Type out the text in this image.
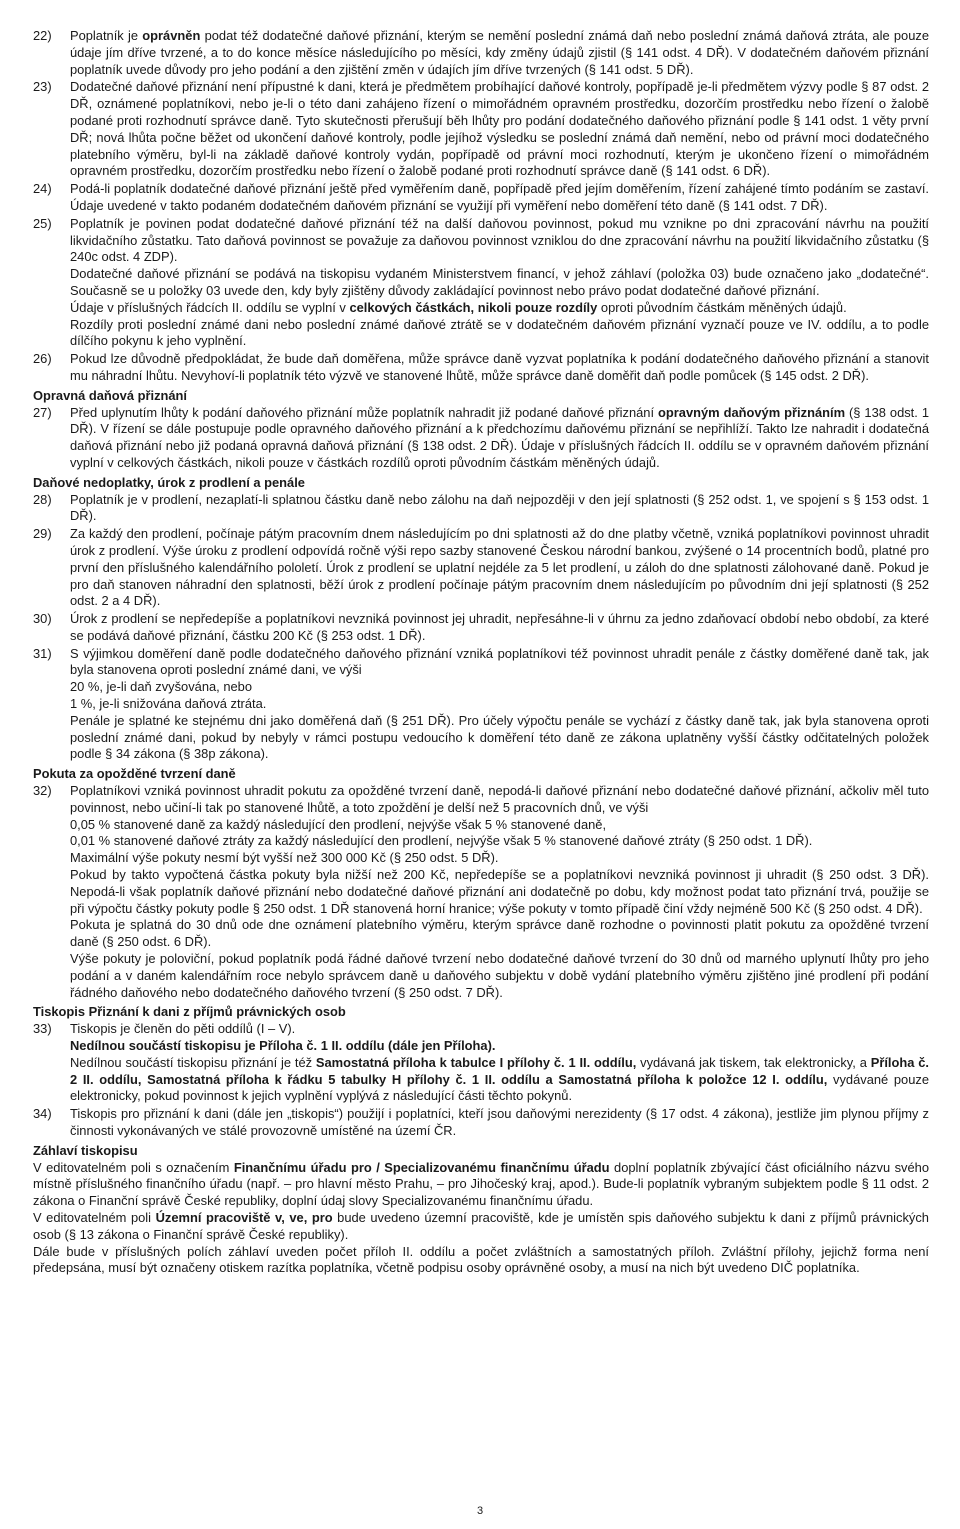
22)	Poplatník je oprávněn podat též dodatečné daňové přiznání, kterým se nemění poslední známá daň nebo poslední známá daňová ztráta, ale pouze údaje jím dříve tvrzené, a to do konce měsíce následujícího po měsíci, kdy změny údajů zjistil (§ 141 odst. 4 DŘ). V dodatečném daňovém přiznání poplatník uvede důvody pro jeho podání a den zjištění změn v údajích jím dříve tvrzených (§ 141 odst. 5 DŘ).
23)	Dodatečné daňové přiznání není přípustné k dani, která je předmětem probíhající daňové kontroly, popřípadě je-li předmětem výzvy podle § 87 odst. 2 DŘ, oznámené poplatníkovi, nebo je-li o této dani zahájeno řízení o mimořádném opravném prostředku, dozorčím prostředku nebo řízení o žalobě podané proti rozhodnutí správce daně. Tyto skutečnosti přerušují běh lhůty pro podání dodatečného daňového přiznání podle § 141 odst. 1 věty první DŘ; nová lhůta počne běžet od ukončení daňové kontroly, podle jejíhož výsledku se poslední známá daň nemění, nebo od právní moci dodatečného platebního výměru, byl-li na základě daňové kontroly vydán, popřípadě od právní moci rozhodnutí, kterým je ukončeno řízení o mimořádném opravném prostředku, dozorčím prostředku nebo řízení o žalobě podané proti rozhodnutí správce daně (§ 141 odst. 6 DŘ).
24)	Podá-li poplatník dodatečné daňové přiznání ještě před vyměřením daně, popřípadě před jejím doměřením, řízení zahájené tímto podáním se zastaví. Údaje uvedené v takto podaném dodatečném daňovém přiznání se využijí při vyměření nebo doměření této daně (§ 141 odst. 7 DŘ).
25)	Poplatník je povinen podat dodatečné daňové přiznání též na další daňovou povinnost, pokud mu vznikne po dni zpracování návrhu na použití likvidačního zůstatku. Tato daňová povinnost se považuje za daňovou povinnost vzniklou do dne zpracování návrhu na použití likvidačního zůstatku (§ 240c odst. 4 ZDP).

Dodatečné daňové přiznání se podává na tiskopisu vydaném Ministerstvem financí, v jehož záhlaví (položka 03) bude označeno jako „dodatečné“. Současně se u položky 03 uvede den, kdy byly zjištěny důvody zakládající povinnost nebo právo podat dodatečné daňové přiznání.

Údaje v příslušných řádcích II. oddílu se vyplní v celkových částkách, nikoli pouze rozdíly oproti původním částkám měněných údajů.

Rozdíly proti poslední známé dani nebo poslední známé daňové ztrátě se v dodatečném daňovém přiznání vyznačí pouze ve IV. oddílu, a to podle dílčího pokynu k jeho vyplnění.

26)	Pokud lze důvodně předpokládat, že bude daň doměřena, může správce daně vyzvat poplatníka k podání dodatečného daňového přiznání a stanovit mu náhradní lhůtu. Nevyhoví-li poplatník této výzvě ve stanovené lhůtě, může správce daně doměřit daň podle pomůcek (§ 145 odst. 2 DŘ).
Opravná daňová přiznání
27)	Před uplynutím lhůty k podání daňového přiznání může poplatník nahradit již podané daňové přiznání opravným daňovým přiznáním (§ 138 odst. 1 DŘ). V řízení se dále postupuje podle opravného daňového přiznání a k předchozímu daňovému přiznání se nepřihlíží. Takto lze nahradit i dodatečná daňová přiznání nebo již podaná opravná daňová přiznání (§ 138 odst. 2 DŘ). Údaje v příslušných řádcích II. oddílu se v opravném daňovém přiznání vyplní v celkových částkách, nikoli pouze v částkách rozdílů oproti původním částkám měněných údajů.
Daňové nedoplatky, úrok z prodlení a penále
28)	Poplatník je v prodlení, nezaplatí-li splatnou částku daně nebo zálohu na daň nejpozději v den její splatnosti (§ 252 odst. 1, ve spojení s § 153 odst. 1 DŘ).
29)	Za každý den prodlení, počínaje pátým pracovním dnem následujícím po dni splatnosti až do dne platby včetně, vzniká poplatníkovi povinnost uhradit úrok z prodlení. Výše úroku z prodlení odpovídá ročně výši repo sazby stanovené Českou národní bankou, zvýšené o 14 procentních bodů, platné pro první den příslušného kalendářního pololetí. Úrok z prodlení se uplatní nejdéle za 5 let prodlení, u záloh do dne splatnosti zálohované daně. Pokud je pro daň stanoven náhradní den splatnosti, běží úrok z prodlení počínaje pátým pracovním dnem následujícím po původním dni její splatnosti (§ 252 odst. 2 a 4 DŘ).
30)	Úrok z prodlení se nepředepíše a poplatníkovi nevzniká povinnost jej uhradit, nepřesáhne-li v úhrnu za jedno zdaňovací období nebo období, za které se podává daňové přiznání, částku 200 Kč (§ 253 odst. 1 DŘ).
31)	S výjimkou doměření daně podle dodatečného daňového přiznání vzniká poplatníkovi též povinnost uhradit penále z částky doměřené daně tak, jak byla stanovena oproti poslední známé dani, ve výši

20 %, je-li daň zvyšována, nebo

1 %, je-li snižována daňová ztráta.

Penále je splatné ke stejnému dni jako doměřená daň (§ 251 DŘ). Pro účely výpočtu penále se vychází z částky daně tak, jak byla stanovena oproti poslední známé dani, pokud by nebyly v rámci postupu vedoucího k doměření této daně ze zákona uplatněny vyšší částky odčitatelných položek podle § 34 zákona (§ 38p zákona).

Pokuta za opožděné tvrzení daně
32)	Poplatníkovi vzniká povinnost uhradit pokutu za opožděné tvrzení daně, nepodá-li daňové přiznání nebo dodatečné daňové přiznání, ačkoliv měl tuto povinnost, nebo učiní-li tak po stanovené lhůtě, a toto zpoždění je delší než 5 pracovních dnů, ve výši

0,05 % stanovené daně za každý následující den prodlení, nejvýše však 5 % stanovené daně,

0,01 % stanovené daňové ztráty za každý následující den prodlení, nejvýše však 5 % stanovené daňové ztráty (§ 250 odst. 1 DŘ).

Maximální výše pokuty nesmí být vyšší než 300 000 Kč (§ 250 odst. 5 DŘ).

Pokud by takto vypočtená částka pokuty byla nižší než 200 Kč, nepředepíše se a poplatníkovi nevzniká povinnost ji uhradit (§ 250 odst. 3 DŘ). Nepodá-li však poplatník daňové přiznání nebo dodatečné daňové přiznání ani dodatečně po dobu, kdy možnost podat tato přiznání trvá, použije se při výpočtu částky pokuty podle § 250 odst. 1 DŘ stanovená horní hranice; výše pokuty v tomto případě činí vždy nejméně 500 Kč (§ 250 odst. 4 DŘ).

Pokuta je splatná do 30 dnů ode dne oznámení platebního výměru, kterým správce daně rozhodne o povinnosti platit pokutu za opožděné tvrzení daně (§ 250 odst. 6 DŘ).

Výše pokuty je poloviční, pokud poplatník podá řádné daňové tvrzení nebo dodatečné daňové tvrzení do 30 dnů od marného uplynutí lhůty pro jeho podání a v daném kalendářním roce nebylo správcem daně u daňového subjektu v době vydání platebního výměru zjištěno jiné prodlení při podání řádného daňového nebo dodatečného daňového tvrzení (§ 250 odst. 7 DŘ).

Tiskopis Přiznání k dani z příjmů právnických osob
33)	Tiskopis je členěn do pěti oddílů (I – V).

Nedílnou součástí tiskopisu je Příloha č. 1 II. oddílu (dále jen Příloha).

Nedílnou součástí tiskopisu přiznání je též Samostatná příloha k tabulce I přílohy č. 1 II. oddílu, vydávaná jak tiskem, tak elektronicky, a Příloha č. 2 II. oddílu, Samostatná příloha k řádku 5 tabulky H přílohy č. 1 II. oddílu a Samostatná příloha k položce 12 I. oddílu, vydávané pouze elektronicky, pokud povinnost k jejich vyplnění vyplývá z následující části těchto pokynů.

34)	Tiskopis pro přiznání k dani (dále jen „tiskopis“) použijí i poplatníci, kteří jsou daňovými nerezidenty (§ 17 odst. 4 zákona), jestliže jim plynou příjmy z činnosti vykonávaných ve stálé provozovně umístěné na území ČR.
Záhlaví tiskopisu

V editovatelném poli s označením Finančnímu úřadu pro / Specializovanému finančnímu úřadu doplní poplatník zbývající část oficiálního názvu svého místně příslušného finančního úřadu (např. – pro hlavní město Prahu, – pro Jihočeský kraj, apod.). Bude-li poplatník vybraným subjektem podle § 11 odst. 2 zákona o Finanční správě České republiky, doplní údaj slovy Specializovanému finančnímu úřadu.

V editovatelném poli Územní pracoviště v, ve, pro bude uvedeno územní pracoviště, kde je umístěn spis daňového subjektu k dani z příjmů právnických osob (§ 13 zákona o Finanční správě České republiky).

Dále bude v příslušných polích záhlaví uveden počet příloh II. oddílu a počet zvláštních a samostatných příloh. Zvláštní přílohy, jejichž forma není předepsána, musí být označeny otiskem razítka poplatníka, včetně podpisu osoby oprávněné osoby, a musí na nich být uvedeno DIČ poplatníka.

3
